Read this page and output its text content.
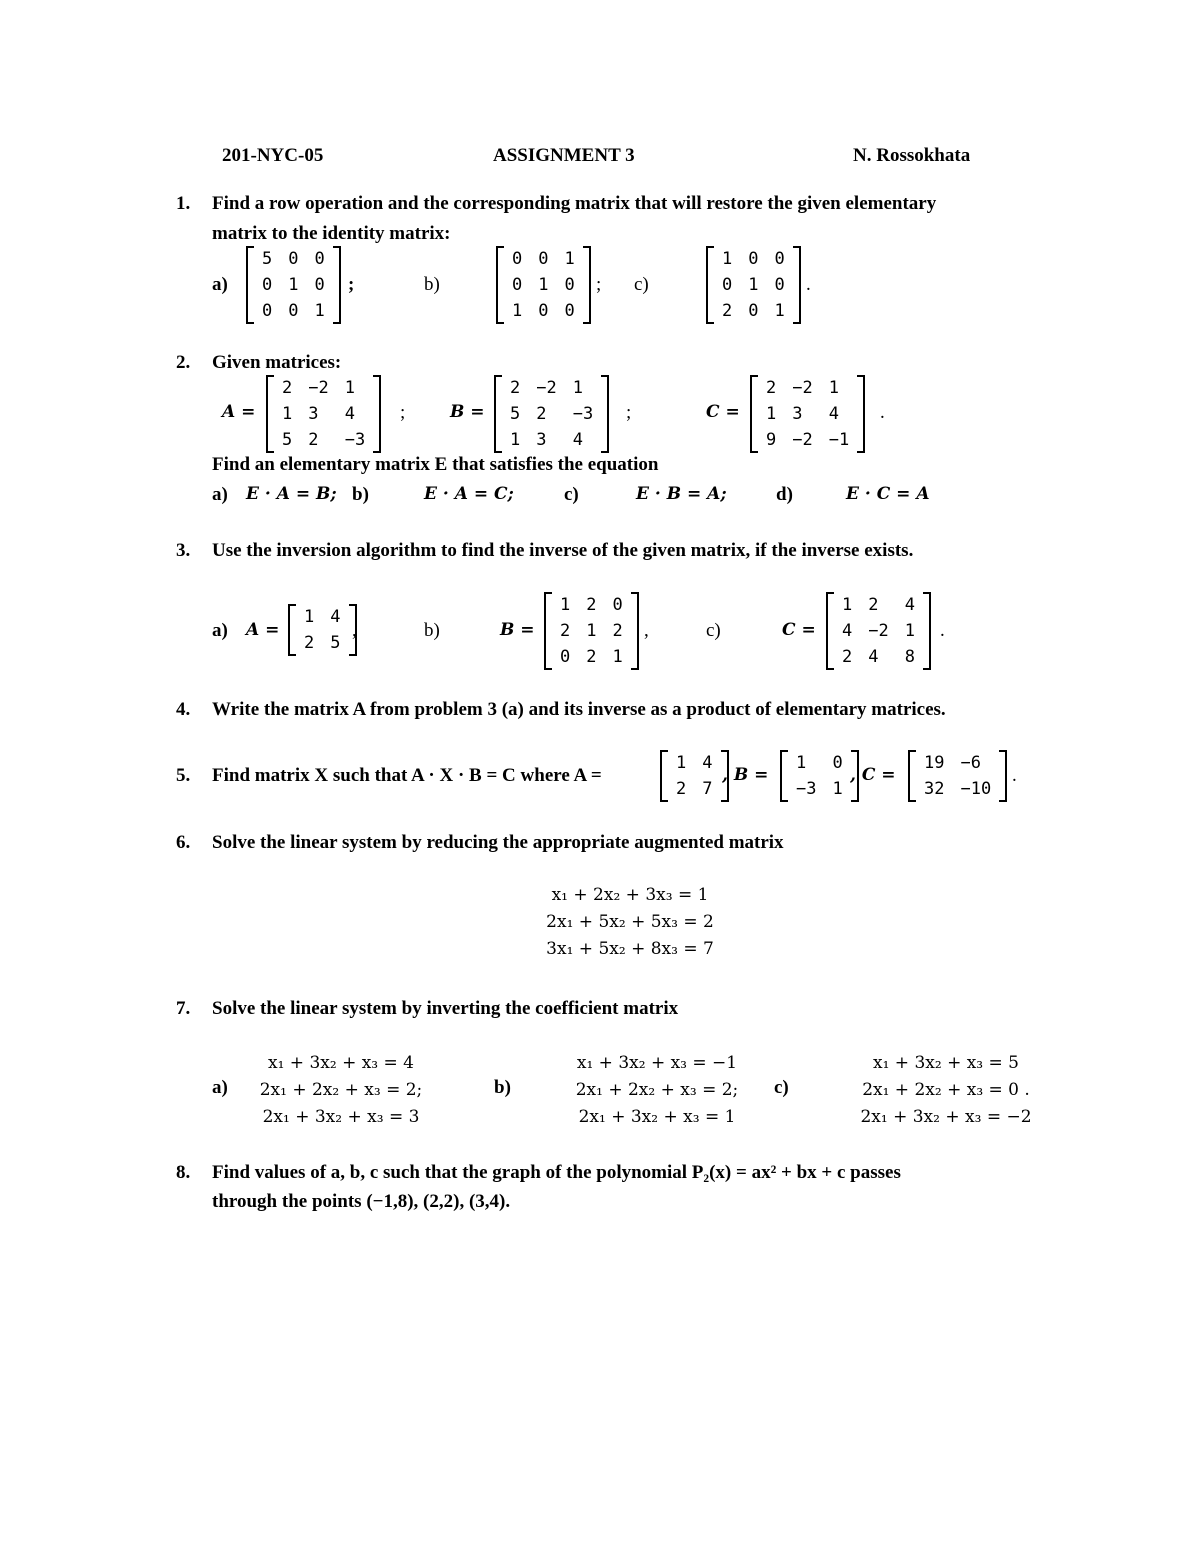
201-NYC-05	ASSIGNMENT 3	N. Rossokhata
1. Find a row operation and the corresponding matrix that will restore the given elementary
matrix to the identity matrix:
a)
5	0	0
0	1	0
0	0	1
;	b)
0	0	1
0	1	0
1	0	0
; c)
1	0	0
0	1	0
2	0	1
.
2. Given matrices:
A =
2	−2	1
1	3	4
5	2	−3
;	B =
2	−2	1
5	2	−3
1	3	4
;	C =
2	−2	1
1	3	4
9	−2	−1
.
Find an elementary matrix E that satisfies the equation
a) E · A = B; b)	E · A = C;	c)	E · B = A;	d)	E · C = A
3. Use the inversion algorithm to find the inverse of the given matrix, if the inverse exists.
a) A =
1	4
2	5
,	b)	B =
1	2	0
2	1	2
0	2	1
,	c)	C =
1	2	4
4	−2	1
2	4	8
.
4. Write the matrix A from problem 3 (a) and its inverse as a product of elementary matrices.
5. Find matrix X such that A · X · B = C where A =
1	4
2	7
, B =
1	0
−3	1
, C =
19	−6
32	−10
.
6. Solve the linear system by reducing the appropriate augmented matrix
x₁ + 2x₂ + 3x₃ = 1
2x₁ + 5x₂ + 5x₃ = 2
3x₁ + 5x₂ + 8x₃ = 7
7. Solve the linear system by inverting the coefficient matrix
a)
x₁ + 3x₂ + x₃ = 4
2x₁ + 2x₂ + x₃ = 2;
2x₁ + 3x₂ + x₃ = 3
b)
x₁ + 3x₂ + x₃ = −1
2x₁ + 2x₂ + x₃ = 2;
2x₁ + 3x₂ + x₃ = 1
c)
x₁ + 3x₂ + x₃ = 5
2x₁ + 2x₂ + x₃ = 0 .
2x₁ + 3x₂ + x₃ = −2
8. Find values of a, b, c such that the graph of the polynomial P₂(x) = ax² + bx + c passes
through the points (−1,8), (2,2), (3,4).
